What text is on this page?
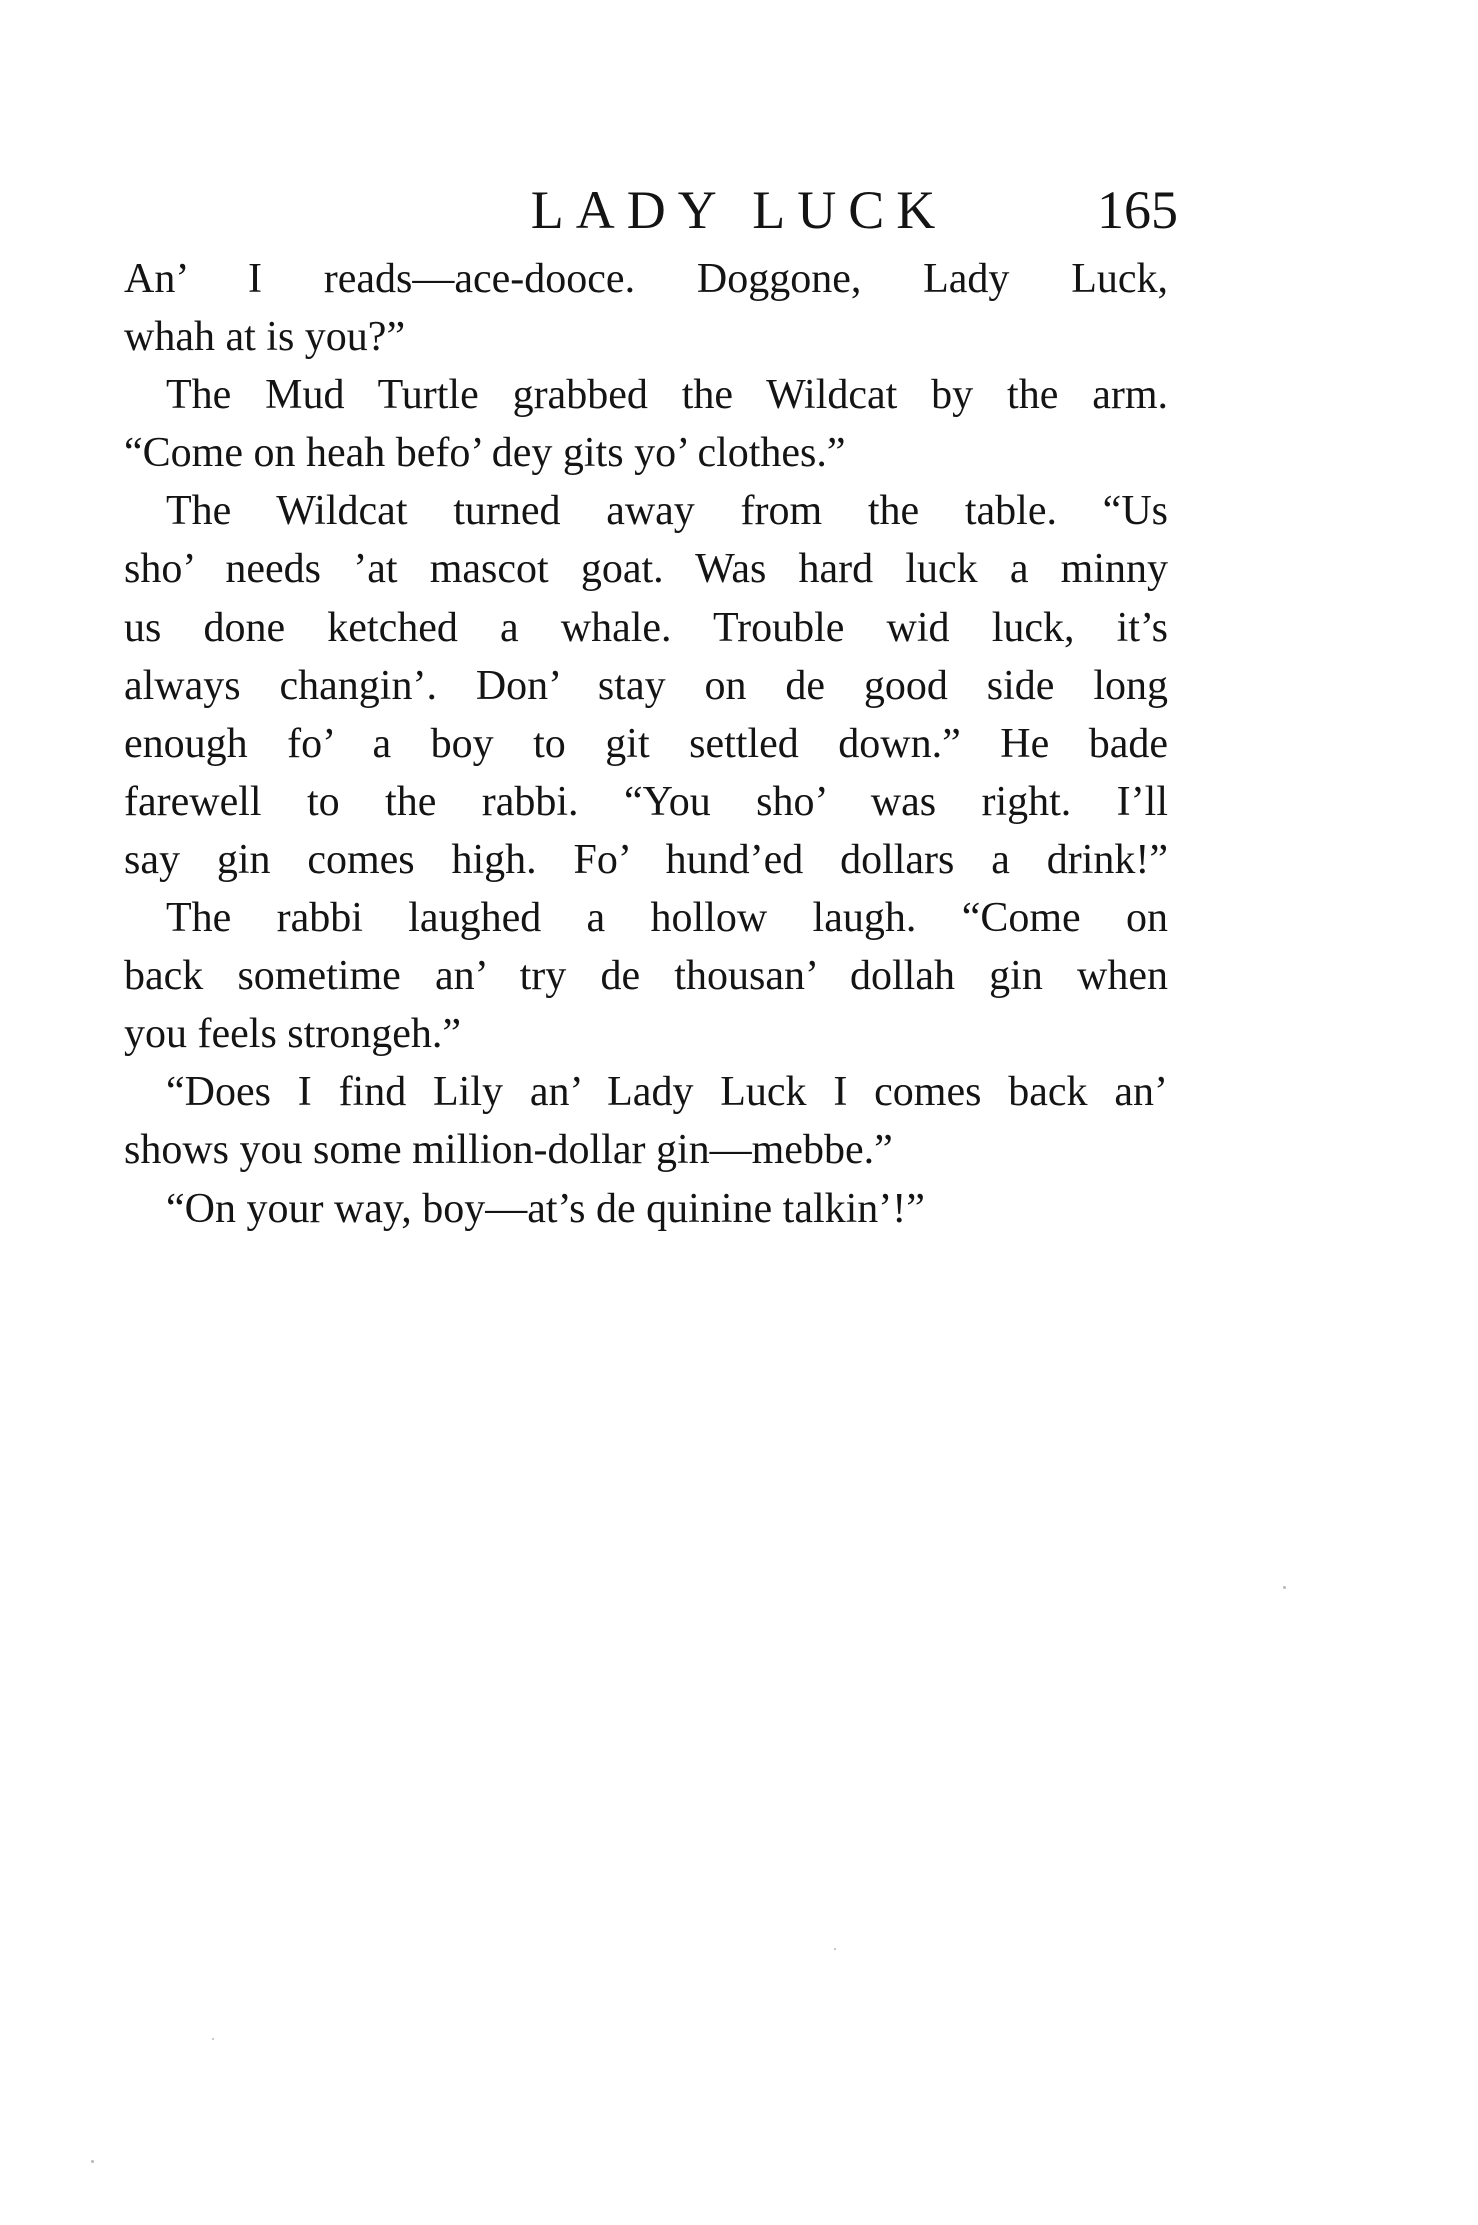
LADY LUCK	165
An’ I reads—ace-dooce. Doggone, Lady Luck,
whah at is you?”
The Mud Turtle grabbed the Wildcat by the arm.
“Come on heah befo’ dey gits yo’ clothes.”
The Wildcat turned away from the table. “Us
sho’ needs ’at mascot goat. Was hard luck a minny
us done ketched a whale. Trouble wid luck, it’s
always changin’. Don’ stay on de good side long
enough fo’ a boy to git settled down.” He bade
farewell to the rabbi. “You sho’ was right. I’ll
say gin comes high. Fo’ hund’ed dollars a drink!”
The rabbi laughed a hollow laugh. “Come on
back sometime an’ try de thousan’ dollah gin when
you feels strongeh.”
“Does I find Lily an’ Lady Luck I comes back an’
shows you some million-dollar gin—mebbe.”
“On your way, boy—at’s de quinine talkin’!”
